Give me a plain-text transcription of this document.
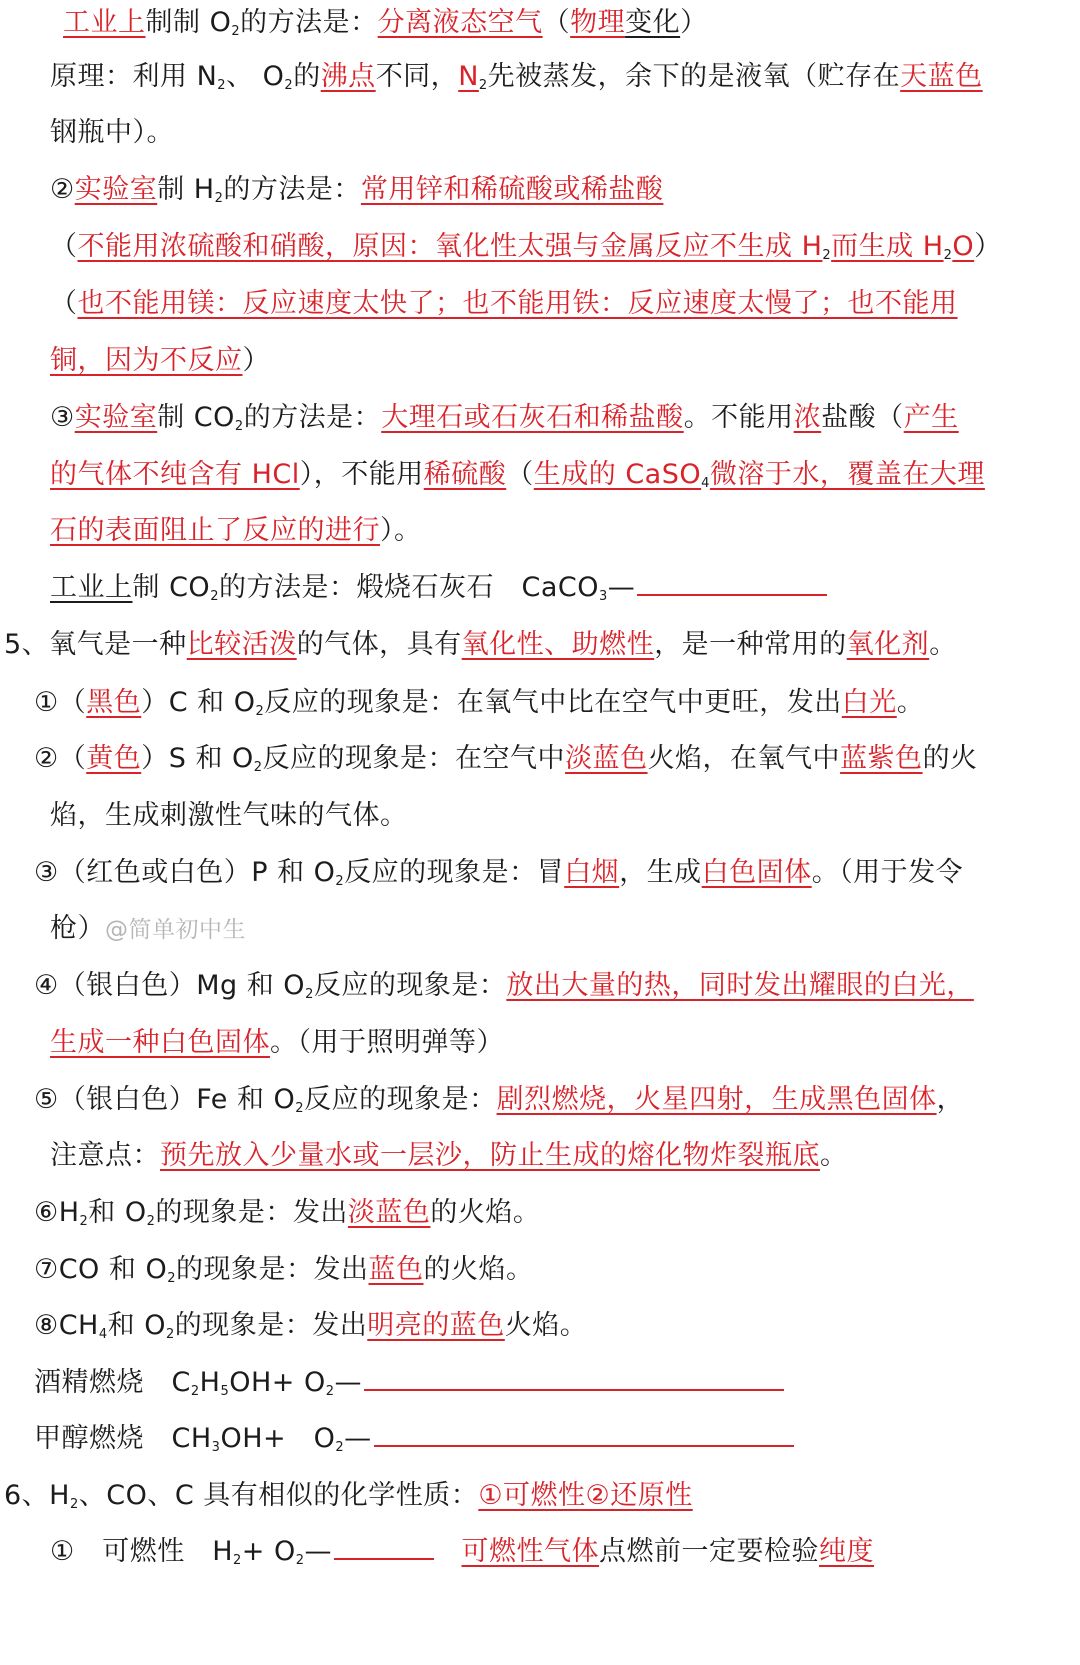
工业上制制 $O_2$的方法是：分离液态空气（物理变化）
原理：利用 $N_2$、 $O_2$的沸点不同，$N_2$先被蒸发，余下的是液氧（贮存在天蓝色
钢瓶中）。
②实验室制 $H_2$的方法是：常用锌和稀硫酸或稀盐酸
（不能用浓硫酸和硝酸，原因：氧化性太强与金属反应不生成 $H_2$而生成 $H_2O$）
（也不能用镁：反应速度太快了；也不能用铁：反应速度太慢了；也不能用
铜，因为不反应）
③实验室制 $CO_2$的方法是：大理石或石灰石和稀盐酸。不能用浓盐酸（产生
的气体不纯含有 HCl），不能用稀硫酸（生成的 CaSO$_4$微溶于水，覆盖在大理
石的表面阻止了反应的进行）。
工业上制 $CO_2$的方法是：煅烧石灰石　CaCO$_3$—
5、氧气是一种比较活泼的气体，具有氧化性、助燃性，是一种常用的氧化剂。
①（黑色）C 和 $O_2$反应的现象是：在氧气中比在空气中更旺，发出白光。
②（黄色）S 和 $O_2$反应的现象是：在空气中淡蓝色火焰，在氧气中蓝紫色的火
焰，生成刺激性气味的气体。
③（红色或白色）P 和 $O_2$反应的现象是：冒白烟，生成白色固体。（用于发令
枪）@简单初中生
④（银白色）Mg 和 $O_2$反应的现象是：放出大量的热，同时发出耀眼的白光，
生成一种白色固体。（用于照明弹等）
⑤（银白色）Fe 和 $O_2$反应的现象是：剧烈燃烧，火星四射，生成黑色固体，
注意点：预先放入少量水或一层沙，防止生成的熔化物炸裂瓶底。
$⑥H_2$和 $O_2$的现象是：发出淡蓝色的火焰。
⑦CO 和 $O_2$的现象是：发出蓝色的火焰。
$⑧CH_4$和 $O_2$的现象是：发出明亮的蓝色火焰。
酒精燃烧　$C_2H_5OH+$ $O_2—$
甲醇燃烧　$CH_3OH+$　$O_2—$
6、$H_2$、CO、C 具有相似的化学性质：①可燃性②还原性
①　可燃性　$H_2+$ $O_2—$　	可燃性气体点燃前一定要检验纯度
